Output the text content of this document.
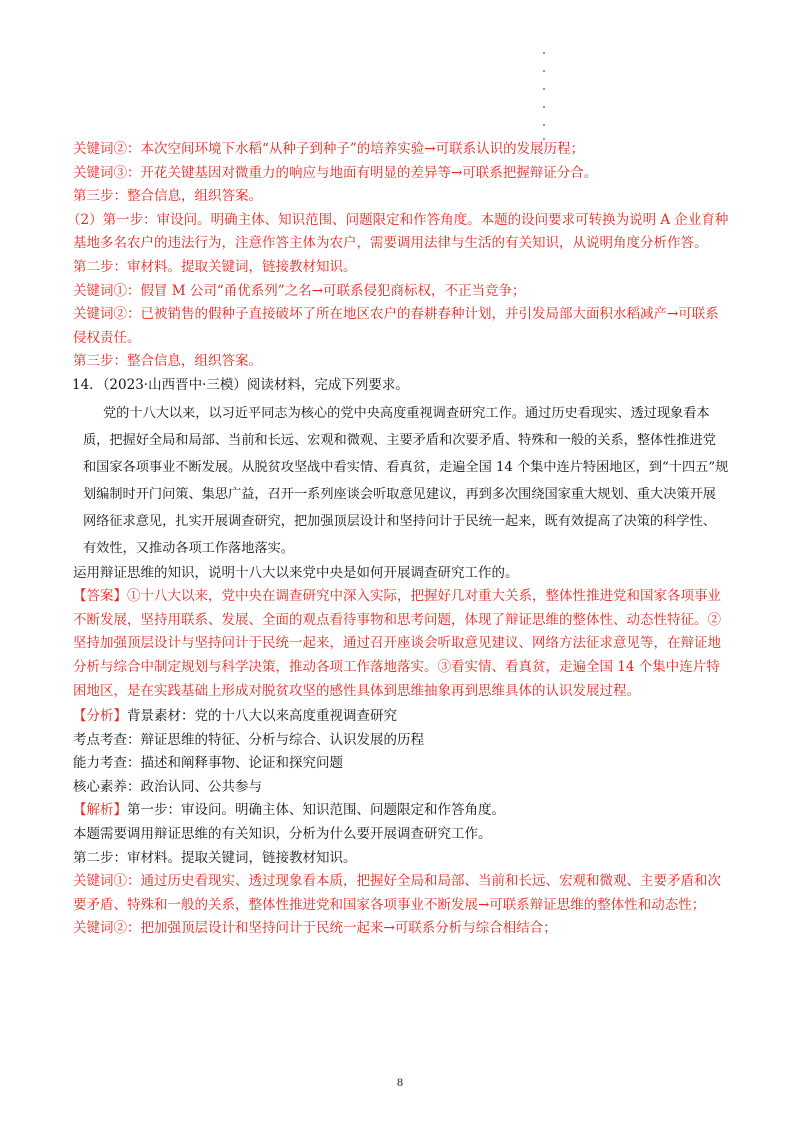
关键词②：本次空间环境下水稻“从种子到种子”的培养实验→可联系认识的发展历程；

关键词③：开花关键基因对微重力的响应与地面有明显的差异等→可联系把握辩证分合。

第三步：整合信息，组织答案。

（2）第一步：审设问。明确主体、知识范围、问题限定和作答角度。本题的设问要求可转换为说明 A 企业育种基地多名农户的违法行为，注意作答主体为农户，需要调用法律与生活的有关知识，从说明角度分析作答。

第二步：审材料。提取关键词，链接教材知识。

关键词①：假冒 M 公司“甬优系列”之名→可联系侵犯商标权，不正当竞争；

关键词②：已被销售的假种子直接破坏了所在地区农户的春耕春种计划，并引发局部大面积水稻减产→可联系侵权责任。

第三步：整合信息，组织答案。

14．（2023·山西晋中·三模）阅读材料，完成下列要求。

党的十八大以来，以习近平同志为核心的党中央高度重视调查研究工作。通过历史看现实、透过现象看本质，把握好全局和局部、当前和长远、宏观和微观、主要矛盾和次要矛盾、特殊和一般的关系，整体性推进党和国家各项事业不断发展。从脱贫攻坚战中看实情、看真贫，走遍全国 14 个集中连片特困地区，到“十四五”规划编制时开门问策、集思广益，召开一系列座谈会听取意见建议，再到多次围绕国家重大规划、重大决策开展网络征求意见，扎实开展调查研究，把加强顶层设计和坚持问计于民统一起来，既有效提高了决策的科学性、有效性，又推动各项工作落地落实。

运用辩证思维的知识，说明十八大以来党中央是如何开展调查研究工作的。

【答案】①十八大以来，党中央在调查研究中深入实际，把握好几对重大关系，整体性推进党和国家各项事业不断发展，坚持用联系、发展、全面的观点看待事物和思考问题，体现了辩证思维的整体性、动态性特征。②坚持加强顶层设计与坚持问计于民统一起来，通过召开座谈会听取意见建议、网络方法征求意见等，在辩证地分析与综合中制定规划与科学决策，推动各项工作落地落实。③看实情、看真贫，走遍全国 14 个集中连片特困地区，是在实践基础上形成对脱贫攻坚的感性具体到思维抽象再到思维具体的认识发展过程。

【分析】背景素材：党的十八大以来高度重视调查研究

考点考查：辩证思维的特征、分析与综合、认识发展的历程

能力考查：描述和阐释事物、论证和探究问题

核心素养：政治认同、公共参与

【解析】第一步：审设问。明确主体、知识范围、问题限定和作答角度。

本题需要调用辩证思维的有关知识，分析为什么要开展调查研究工作。

第二步：审材料。提取关键词，链接教材知识。

关键词①：通过历史看现实、透过现象看本质，把握好全局和局部、当前和长远、宏观和微观、主要矛盾和次要矛盾、特殊和一般的关系，整体性推进党和国家各项事业不断发展→可联系辩证思维的整体性和动态性；

关键词②：把加强顶层设计和坚持问计于民统一起来→可联系分析与综合相结合；

8
